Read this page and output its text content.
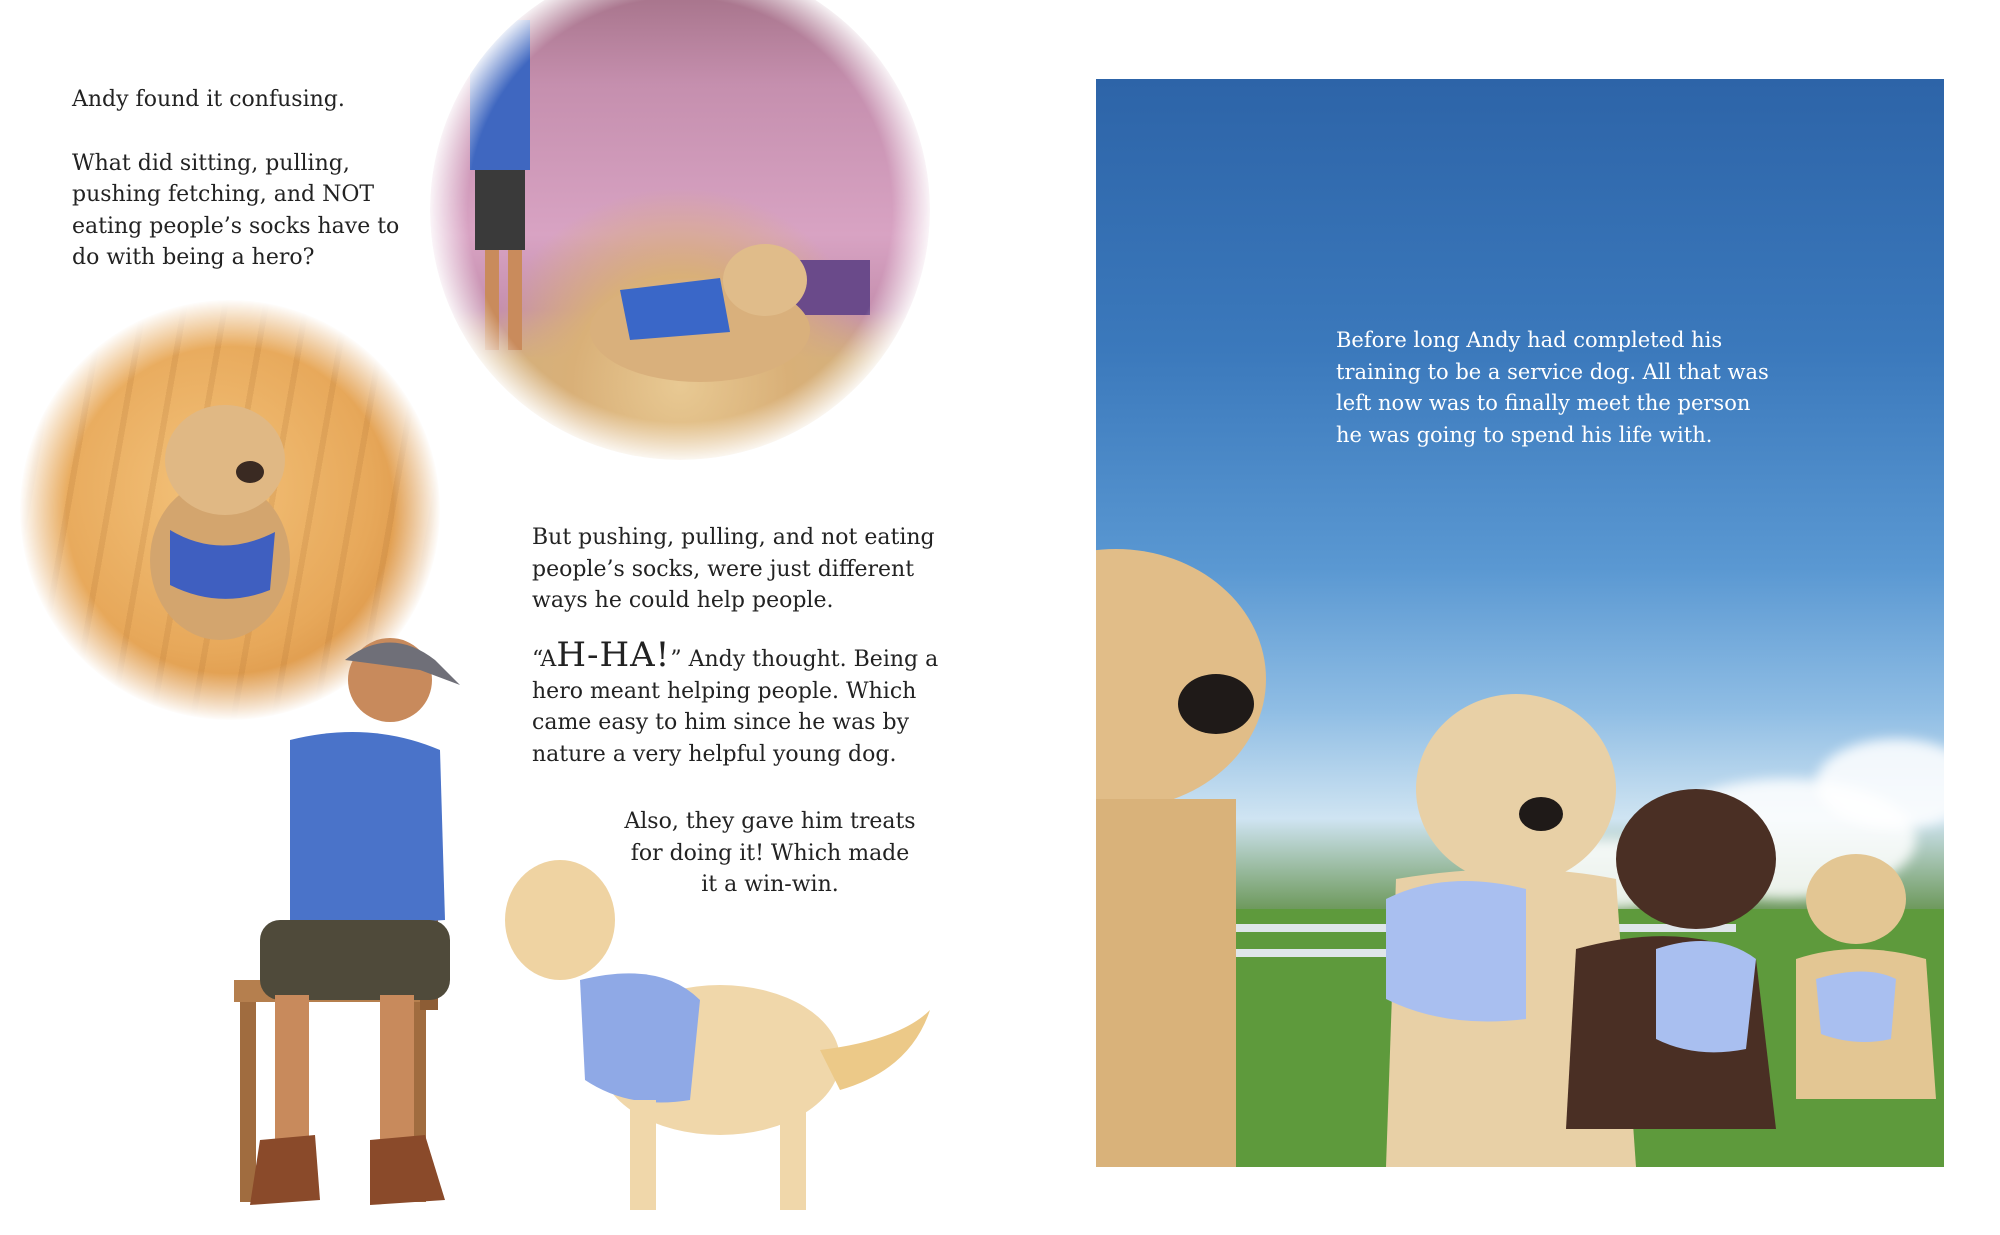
Andy found it confusing.

What did sitting, pulling, pushing fetching, and NOT eating people’s socks have to do with being a hero?

But pushing, pulling, and not eating people’s socks, were just different ways he could help people.

“AH-HA!” Andy thought. Being a hero meant helping people. Which came easy to him since he was by nature a very helpful young dog.

Also, they gave him treats for doing it! Which made it a win-win.

Before long Andy had completed his training to be a service dog. All that was left now was to finally meet the person he was going to spend his life with.
